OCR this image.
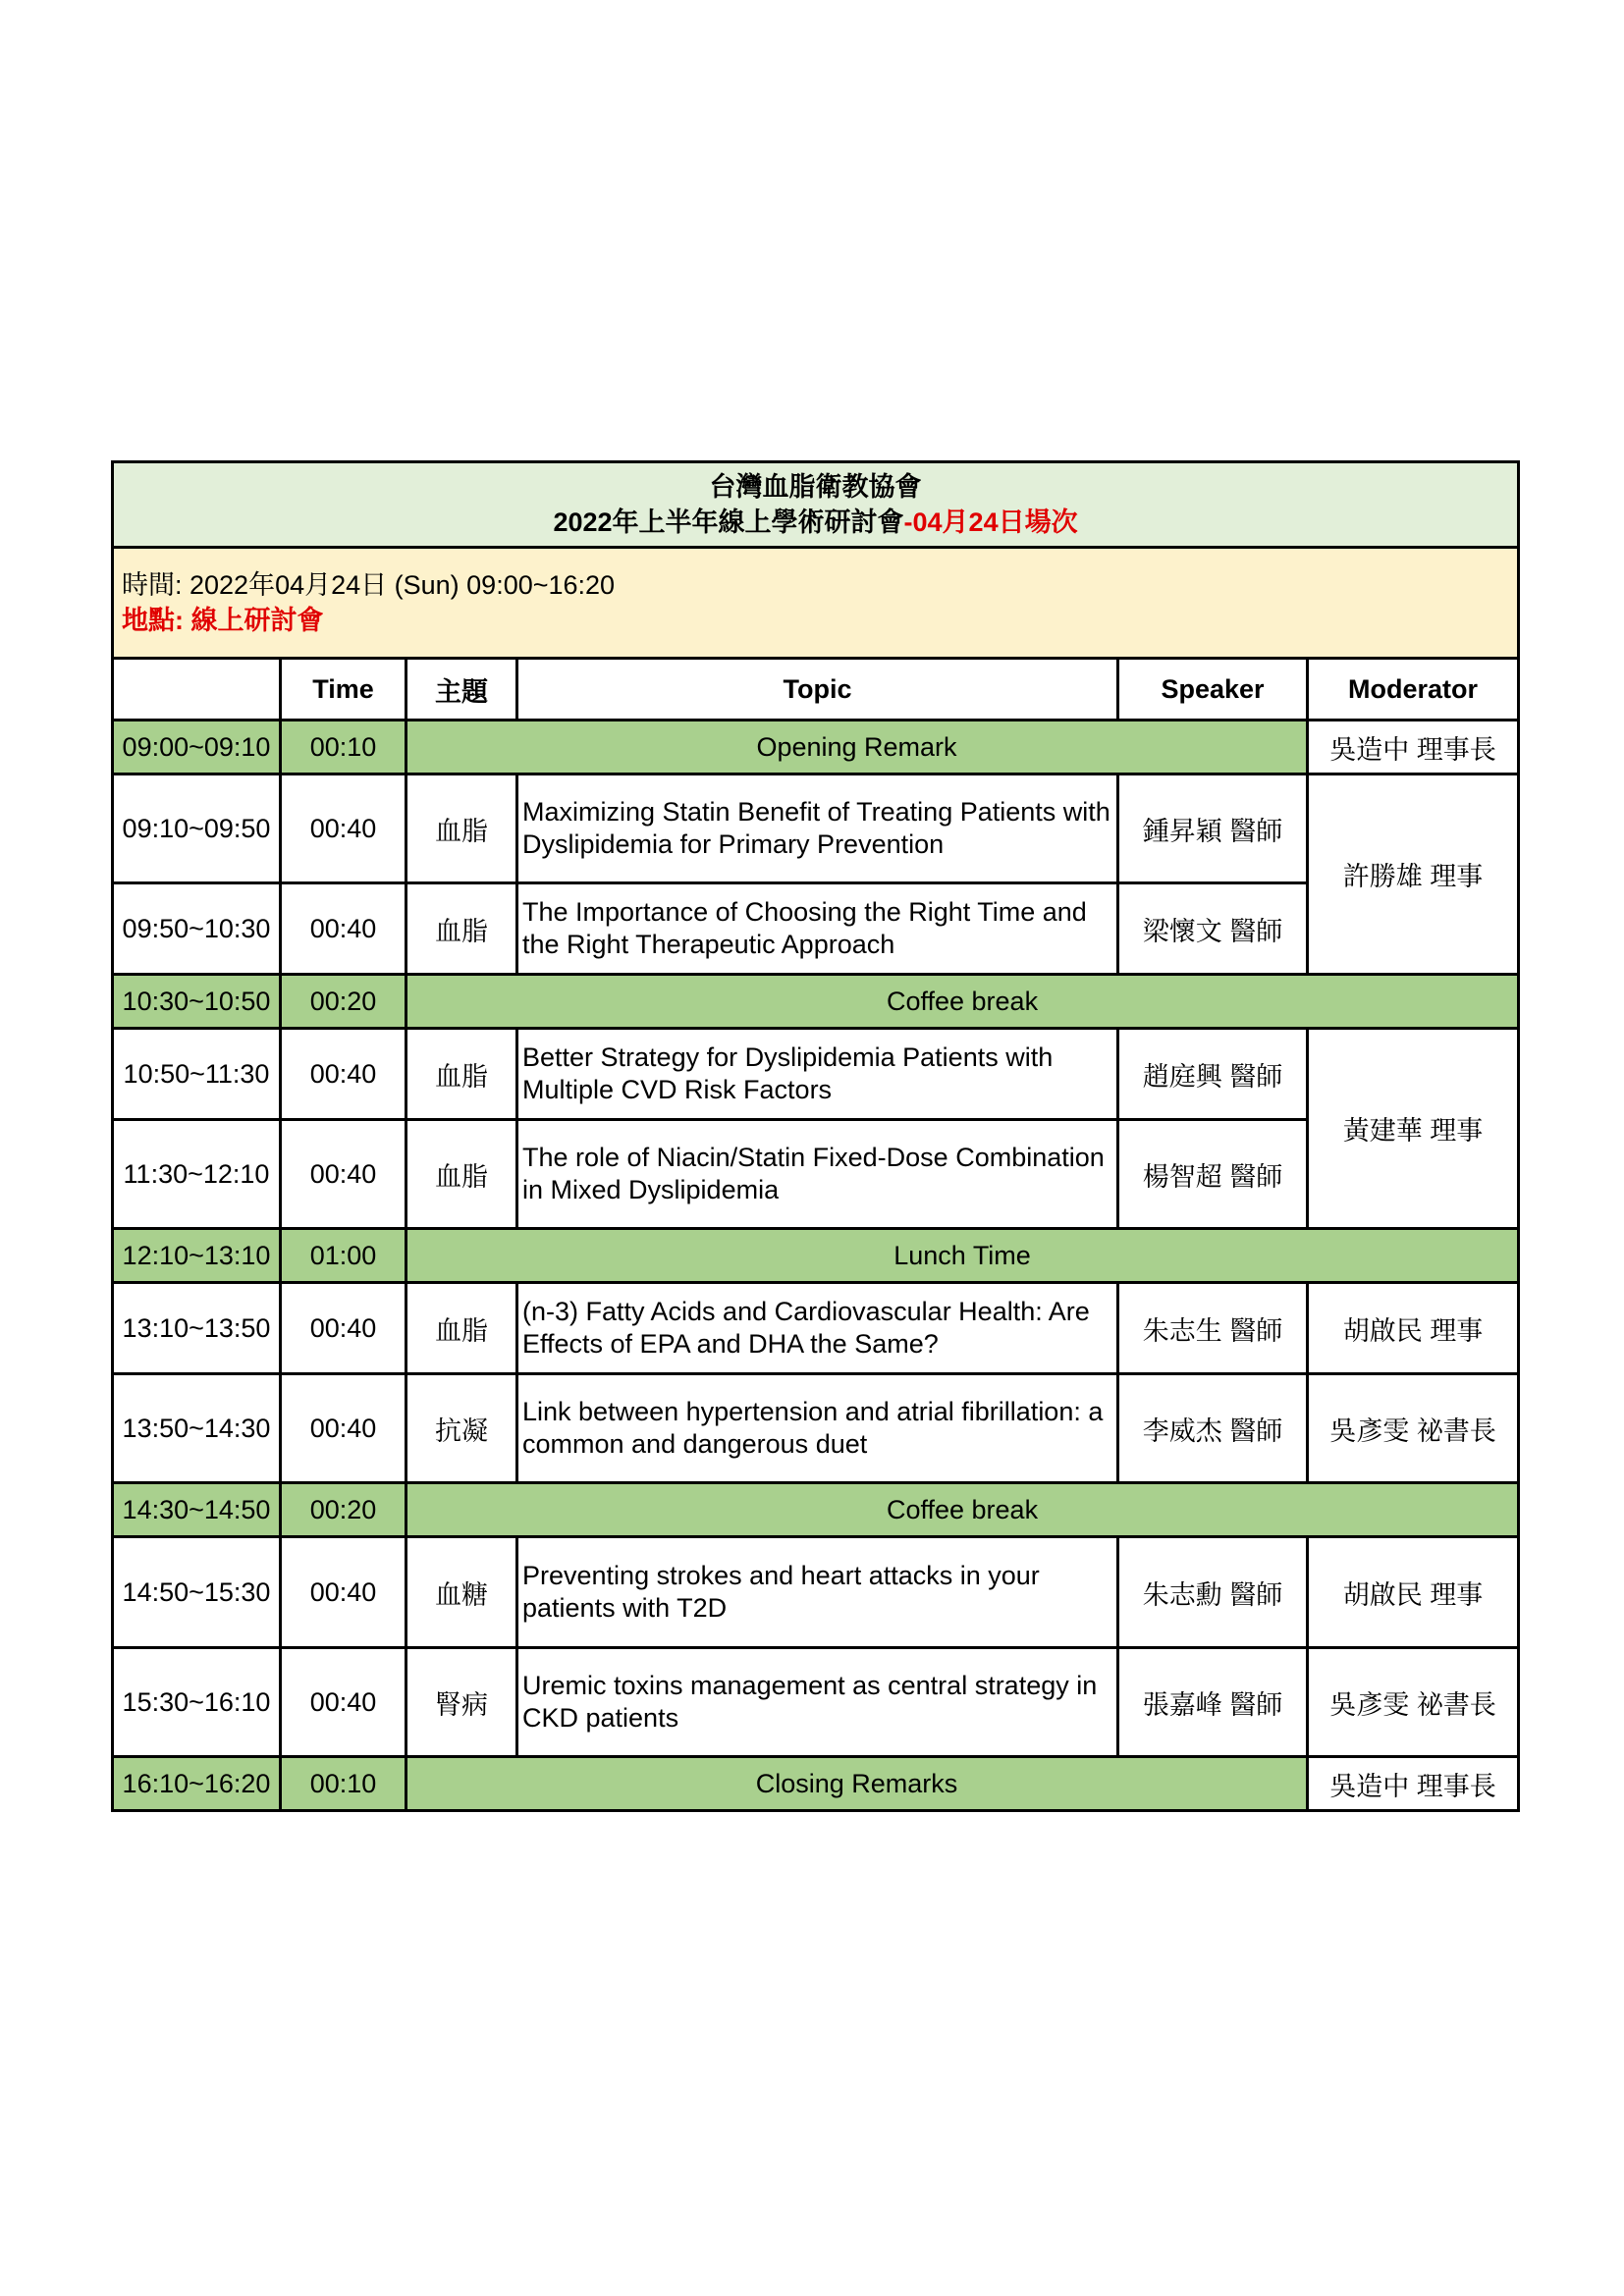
台灣血脂衛教協會
2022年上半年線上學術研討會-04月24日場次					

時間: 2022年04月24日 (Sun) 09:00~16:20
地點: 線上研討會					

	Time	主題	Topic	Speaker	Moderator
09:00~09:10	00:10	Opening Remark			吳造中 理事長
09:10~09:50	00:40	血脂	Maximizing Statin Benefit of Treating Patients with Dyslipidemia for Primary Prevention	鍾昇穎 醫師	許勝雄 理事
09:50~10:30	00:40	血脂	The Importance of Choosing the Right Time and the Right Therapeutic Approach	梁懷文 醫師	
10:30~10:50	00:20	Coffee break			
10:50~11:30	00:40	血脂	Better Strategy for Dyslipidemia Patients with Multiple CVD Risk Factors	趙庭興 醫師	黃建華 理事
11:30~12:10	00:40	血脂	The role of Niacin/Statin Fixed-Dose Combination in Mixed Dyslipidemia	楊智超 醫師	
12:10~13:10	01:00	Lunch Time			
13:10~13:50	00:40	血脂	(n-3) Fatty Acids and Cardiovascular Health: Are Effects of EPA and DHA the Same?	朱志生 醫師	胡啟民 理事
13:50~14:30	00:40	抗凝	Link between hypertension and atrial fibrillation: a common and dangerous duet	李威杰 醫師	吳彥雯 祕書長
14:30~14:50	00:20	Coffee break			
14:50~15:30	00:40	血糖	Preventing strokes and heart attacks in your patients with T2D	朱志勳 醫師	胡啟民 理事
15:30~16:10	00:40	腎病	Uremic toxins management as central strategy in CKD patients	張嘉峰 醫師	吳彥雯 祕書長
16:10~16:20	00:10	Closing Remarks			吳造中 理事長
